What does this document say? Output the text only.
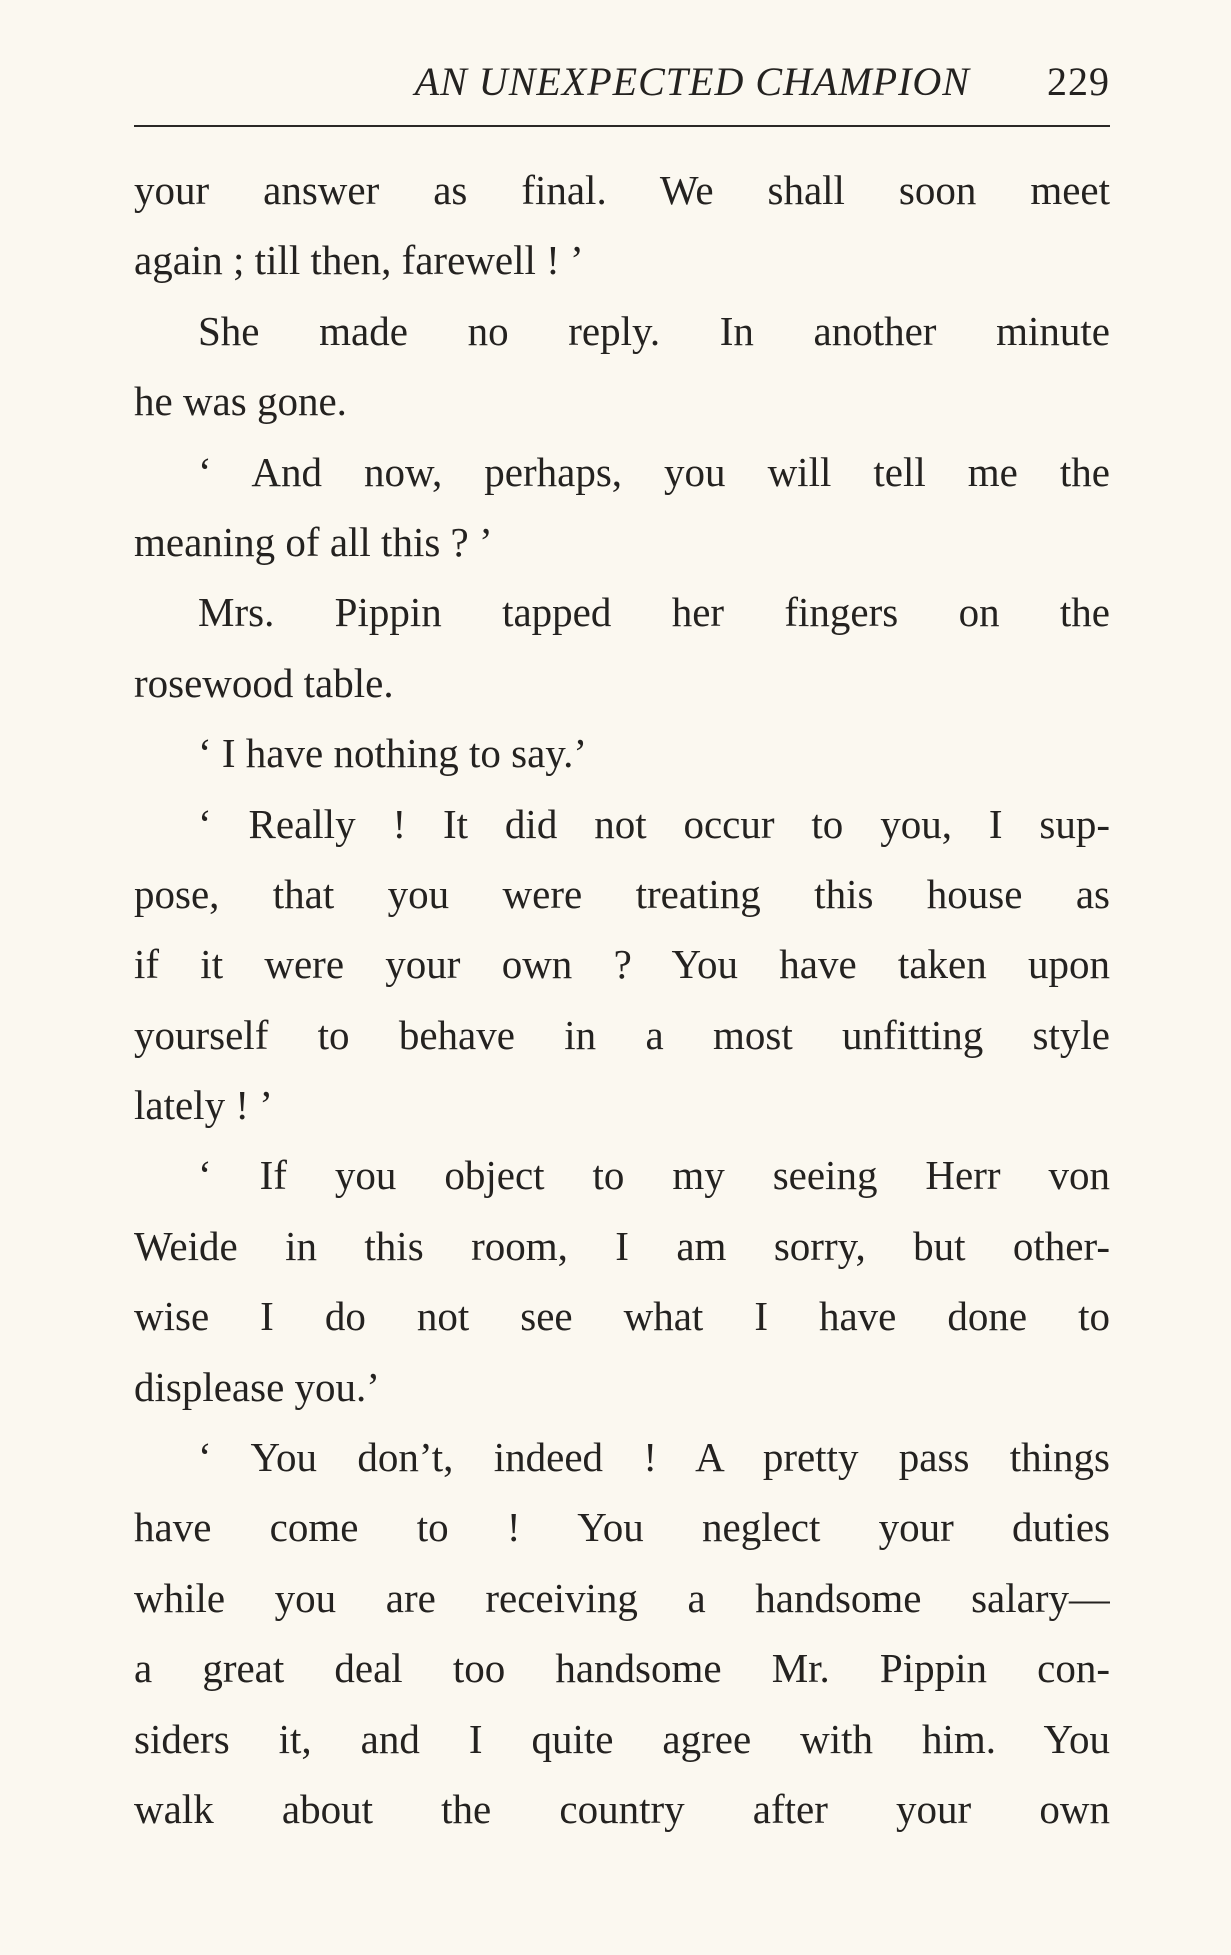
AN UNEXPECTED CHAMPION 229
your answer as final. We shall soon meet
again ; till then, farewell ! ’
She made no reply. In another minute
he was gone.
‘ And now, perhaps, you will tell me the
meaning of all this ? ’
Mrs. Pippin tapped her fingers on the
rosewood table.
‘ I have nothing to say.’
‘ Really ! It did not occur to you, I sup-
pose, that you were treating this house as
if it were your own ? You have taken upon
yourself to behave in a most unfitting style
lately ! ’
‘ If you object to my seeing Herr von
Weide in this room, I am sorry, but other-
wise I do not see what I have done to
displease you.’
‘ You don’t, indeed ! A pretty pass things
have come to ! You neglect your duties
while you are receiving a handsome salary—
a great deal too handsome Mr. Pippin con-
siders it, and I quite agree with him. You
walk about the country after your own
